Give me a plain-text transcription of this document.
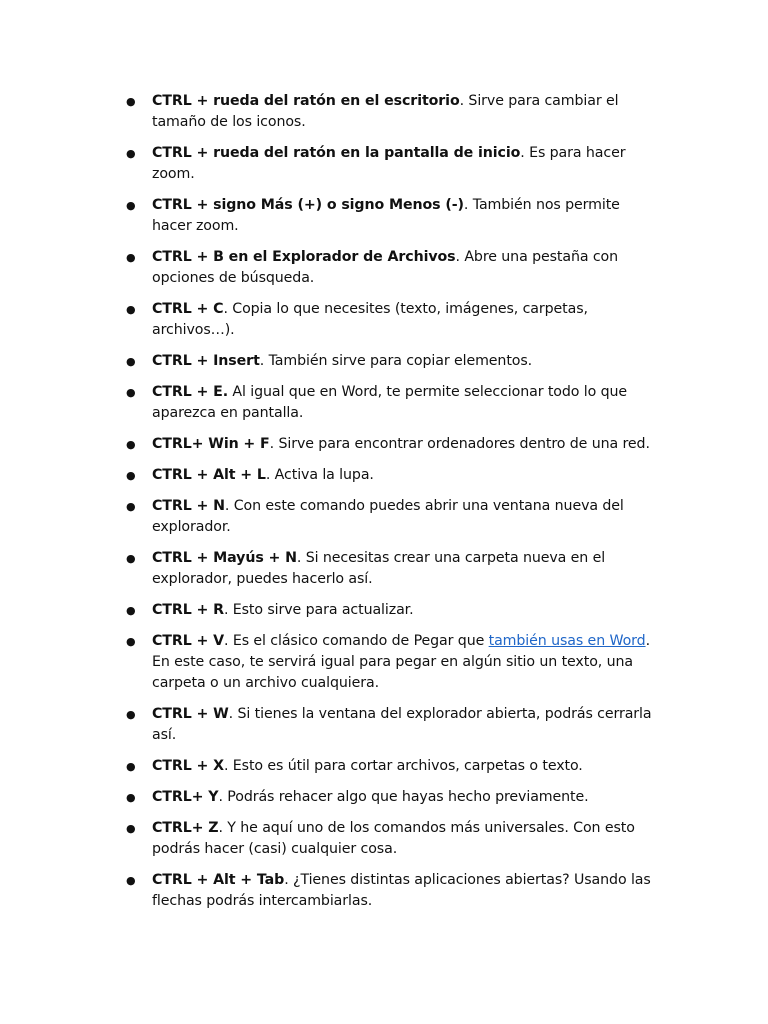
● CTRL + rueda del ratón en el escritorio. Sirve para cambiar el tamaño de los iconos.
● CTRL + rueda del ratón en la pantalla de inicio. Es para hacer zoom.
● CTRL + signo Más (+) o signo Menos (-). También nos permite hacer zoom.
● CTRL + B en el Explorador de Archivos. Abre una pestaña con opciones de búsqueda.
● CTRL + C. Copia lo que necesites (texto, imágenes, carpetas, archivos…).
● CTRL + Insert. También sirve para copiar elementos.
● CTRL + E. Al igual que en Word, te permite seleccionar todo lo que aparezca en pantalla.
● CTRL+ Win + F. Sirve para encontrar ordenadores dentro de una red.
● CTRL + Alt + L. Activa la lupa.
● CTRL + N. Con este comando puedes abrir una ventana nueva del explorador.
● CTRL + Mayús + N. Si necesitas crear una carpeta nueva en el explorador, puedes hacerlo así.
● CTRL + R. Esto sirve para actualizar.
● CTRL + V. Es el clásico comando de Pegar que también usas en Word. En este caso, te servirá igual para pegar en algún sitio un texto, una carpeta o un archivo cualquiera.
● CTRL + W. Si tienes la ventana del explorador abierta, podrás cerrarla así.
● CTRL + X. Esto es útil para cortar archivos, carpetas o texto.
● CTRL+ Y. Podrás rehacer algo que hayas hecho previamente.
● CTRL+ Z. Y he aquí uno de los comandos más universales. Con esto podrás hacer (casi) cualquier cosa.
● CTRL + Alt + Tab. ¿Tienes distintas aplicaciones abiertas? Usando las flechas podrás intercambiarlas.
